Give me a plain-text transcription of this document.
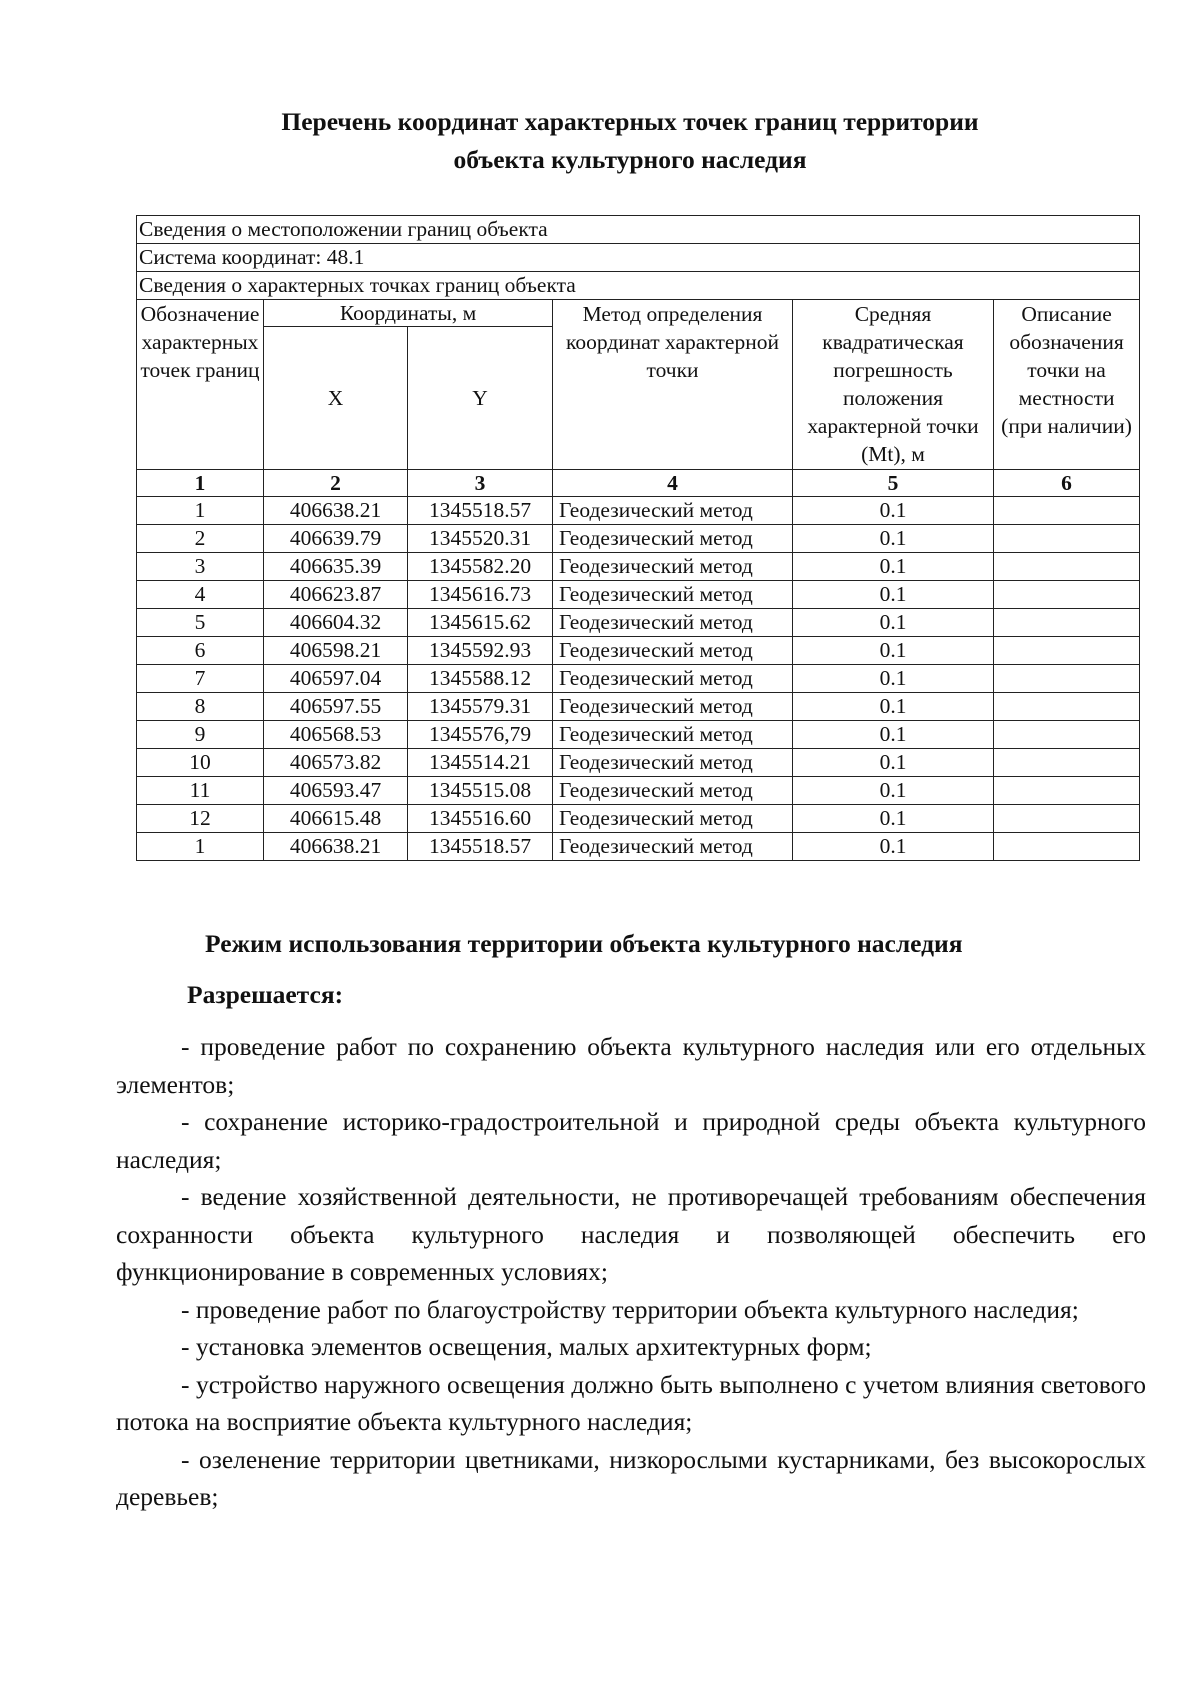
Перечень координат характерных точек границ территории
объекта культурного наследия
Сведения о местоположении границ объекта					
Система координат: 48.1					
Сведения о характерных точках границ объекта					
Обозначение характерных точек границ	Координаты, м		Метод определения координат характерной точки	Средняя квадратическая погрешность положения характерной точки (Mt), м	Описание обозначения точки на местности (при наличии)
	X	Y			
1	2	3	4	5	6
1	406638.21	1345518.57	Геодезический метод	0.1	
2	406639.79	1345520.31	Геодезический метод	0.1	
3	406635.39	1345582.20	Геодезический метод	0.1	
4	406623.87	1345616.73	Геодезический метод	0.1	
5	406604.32	1345615.62	Геодезический метод	0.1	
6	406598.21	1345592.93	Геодезический метод	0.1	
7	406597.04	1345588.12	Геодезический метод	0.1	
8	406597.55	1345579.31	Геодезический метод	0.1	
9	406568.53	1345576,79	Геодезический метод	0.1	
10	406573.82	1345514.21	Геодезический метод	0.1	
11	406593.47	1345515.08	Геодезический метод	0.1	
12	406615.48	1345516.60	Геодезический метод	0.1	
1	406638.21	1345518.57	Геодезический метод	0.1	
Режим использования территории объекта культурного наследия
Разрешается:

- проведение работ по сохранению объекта культурного наследия или его отдельных элементов;

- сохранение историко-градостроительной и природной среды объекта культурного наследия;

- ведение хозяйственной деятельности, не противоречащей требованиям обеспечения сохранности объекта культурного наследия и позволяющей обеспечить его функционирование в современных условиях;

- проведение работ по благоустройству территории объекта культурного наследия;

- установка элементов освещения, малых архитектурных форм;

- устройство наружного освещения должно быть выполнено с учетом влияния светового потока на восприятие объекта культурного наследия;

- озеленение территории цветниками, низкорослыми кустарниками, без высокорослых деревьев;
